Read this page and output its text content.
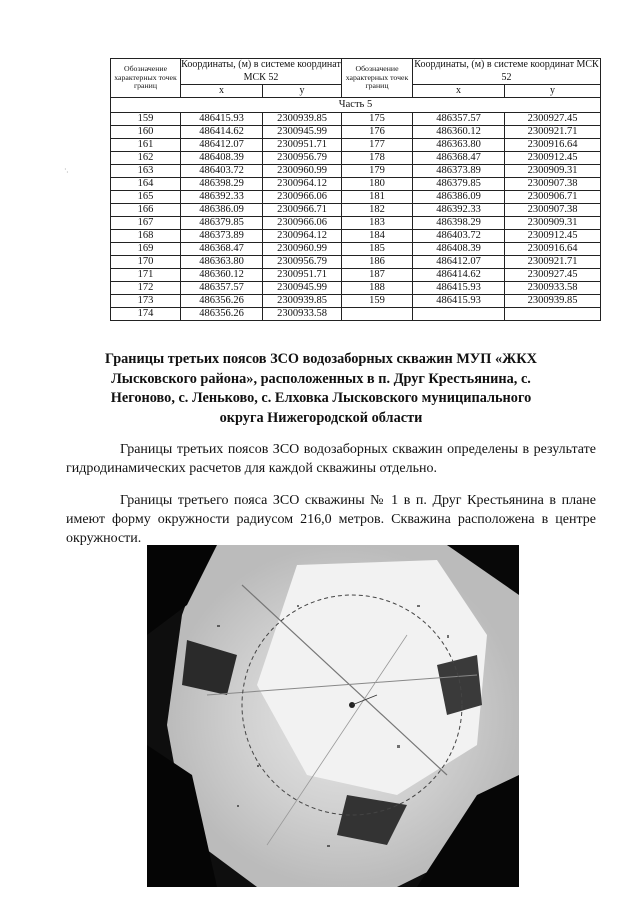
Обозначение характерных точек границ	Координаты, (м) в системе координат МСК 52		Обозначение характерных точек границ	Координаты, (м) в системе координат МСК 52	
	x	y		x	y
Часть 5					
159	486415.93	2300939.85	175	486357.57	2300927.45
160	486414.62	2300945.99	176	486360.12	2300921.71
161	486412.07	2300951.71	177	486363.80	2300916.64
162	486408.39	2300956.79	178	486368.47	2300912.45
163	486403.72	2300960.99	179	486373.89	2300909.31
164	486398.29	2300964.12	180	486379.85	2300907.38
165	486392.33	2300966.06	181	486386.09	2300906.71
166	486386.09	2300966.71	182	486392.33	2300907.38
167	486379.85	2300966.06	183	486398.29	2300909.31
168	486373.89	2300964.12	184	486403.72	2300912.45
169	486368.47	2300960.99	185	486408.39	2300916.64
170	486363.80	2300956.79	186	486412.07	2300921.71
171	486360.12	2300951.71	187	486414.62	2300927.45
172	486357.57	2300945.99	188	486415.93	2300933.58
173	486356.26	2300939.85	159	486415.93	2300939.85
174	486356.26	2300933.58			

Границы третьих поясов ЗСО водозаборных скважин МУП «ЖКХ Лысковского района», расположенных в п. Друг Крестьянина, с. Негоново, с. Леньково, с. Елховка Лысковского муниципального округа Нижегородской области

Границы третьих поясов ЗСО водозаборных скважин определены в результате гидродинамических расчетов для каждой скважины отдельно.

Границы третьего пояса ЗСО скважины № 1 в п. Друг Крестьянина в плане имеют форму окружности радиусом 216,0 метров. Скважина расположена в центре окружности.

· ·
